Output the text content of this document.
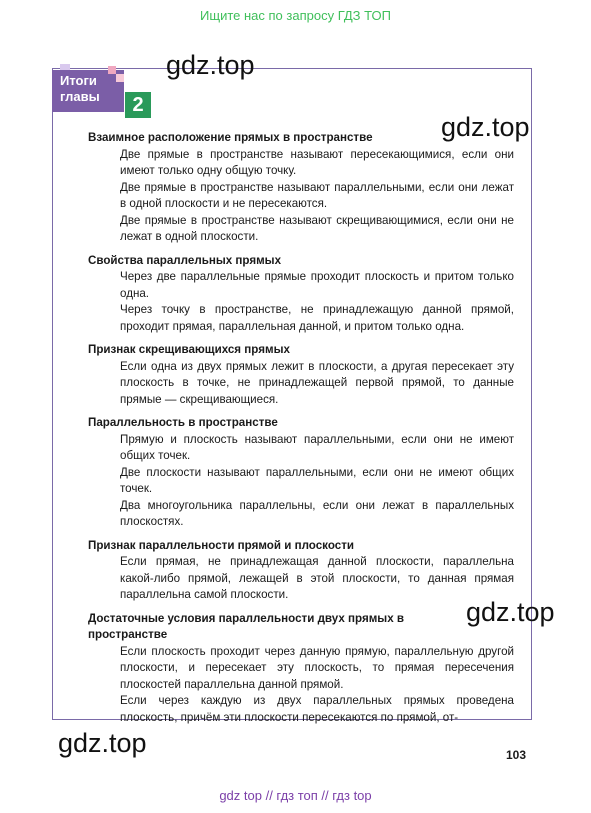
Ищите нас по запросу ГДЗ ТОП
Итоги
главы	2
gdz.top
gdz.top
gdz.top
gdz.top

Взаимное расположение прямых в пространстве

Две прямые в пространстве называют пересекающимися, если они имеют только одну общую точку.

Две прямые в пространстве называют параллельными, если они лежат в одной плоскости и не пересекаются.

Две прямые в пространстве называют скрещивающимися, если они не лежат в одной плоскости.

Свойства параллельных прямых

Через две параллельные прямые проходит плоскость и притом только одна.

Через точку в пространстве, не принадлежащую данной прямой, проходит прямая, параллельная данной, и притом только одна.

Признак скрещивающихся прямых

Если одна из двух прямых лежит в плоскости, а другая пересекает эту плоскость в точке, не принадлежащей первой прямой, то данные прямые — скрещивающиеся.

Параллельность в пространстве

Прямую и плоскость называют параллельными, если они не имеют общих точек.

Две плоскости называют параллельными, если они не имеют общих точек.

Два многоугольника параллельны, если они лежат в параллельных плоскостях.

Признак параллельности прямой и плоскости

Если прямая, не принадлежащая данной плоскости, параллельна какой-либо прямой, лежащей в этой плоскости, то данная прямая параллельна самой плоскости.

Достаточные условия параллельности двух прямых в пространстве

Если плоскость проходит через данную прямую, параллельную другой плоскости, и пересекает эту плоскость, то прямая пересечения плоскостей параллельна данной прямой.

Если через каждую из двух параллельных прямых проведена плоскость, причём эти плоскости пересекаются по прямой, от-

103
gdz top // гдз топ // гдз top
